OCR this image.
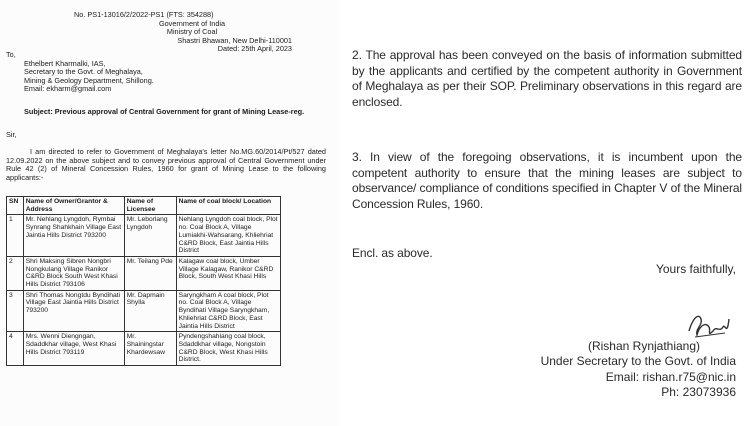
No. PS1-13016/2/2022-PS1 (FTS: 354288)
Government of India
Ministry of Coal
Shastri Bhawan, New Delhi-110001
Dated: 25th April, 2023
To,
Ethelbert Kharmalki, IAS,
Secretary to the Govt. of Meghalaya,
Mining & Geology Department, Shillong.
Email: ekharm@gmail.com
Subject: Previous approval of Central Government for grant of Mining Lease-reg.
Sir,
I am directed to refer to Government of Meghalaya's letter No.MG.60/2014/Pt/527 dated 12.09.2022 on the above subject and to convey previous approval of Central Government under Rule 42 (2) of Mineral Concession Rules, 1960 for grant of Mining Lease to the following applicants:-
SN	Name of Owner/Grantor & Address	Name of Licensee	Name of coal block/ Location
1	Mr. Nehlang Lyngdoh, Rymbai Synrang Shahkhain Village East Jaintia Hills District 793200	Mr. Leborlang Lyngdoh	Nehlang Lyngdoh coal block, Plot no. Coal Block A, Village Lumiakhi-Wahsarang, Khliehriat C&RD Block, East Jaintia Hills District
2	Shri Maksing Sibren Nongbri Nongkulang Village Ranikor C&RD Block South West Khasi Hills District 793106	Mr. Teilang Pde	Kalagaw coal block, Umber Village Kalagaw, Ranikor C&RD Block, South West Khasi Hills
3	Shri Thomas Nongtdu Byndihati Village East Jaintia Hills District 793200	Mr. Dapmain Shylla	Saryngkham A coal block, Plot no. Coal Block A, Village Byndihati Village Saryngkham, Khliehriat C&RD Block, East Jaintia Hills District
4	Mrs. Wenni Diengngan, Sdaddkhar village, West Khasi Hills District 793119	Mr. Shainingstar Khardewsaw	Pyndengshahlang coal block, Sdaddkhar village, Nongstoin C&RD Block, West Khasi Hills District.
2. The approval has been conveyed on the basis of information submitted by the applicants and certified by the competent authority in Government of Meghalaya as per their SOP. Preliminary observations in this regard are enclosed.
3. In view of the foregoing observations, it is incumbent upon the competent authority to ensure that the mining leases are subject to observance/ compliance of conditions specified in Chapter V of the Mineral Concession Rules, 1960.
Encl. as above.
Yours faithfully,
(Rishan Rynjathiang)
Under Secretary to the Govt. of India
Email: rishan.r75@nic.in
Ph: 23073936
